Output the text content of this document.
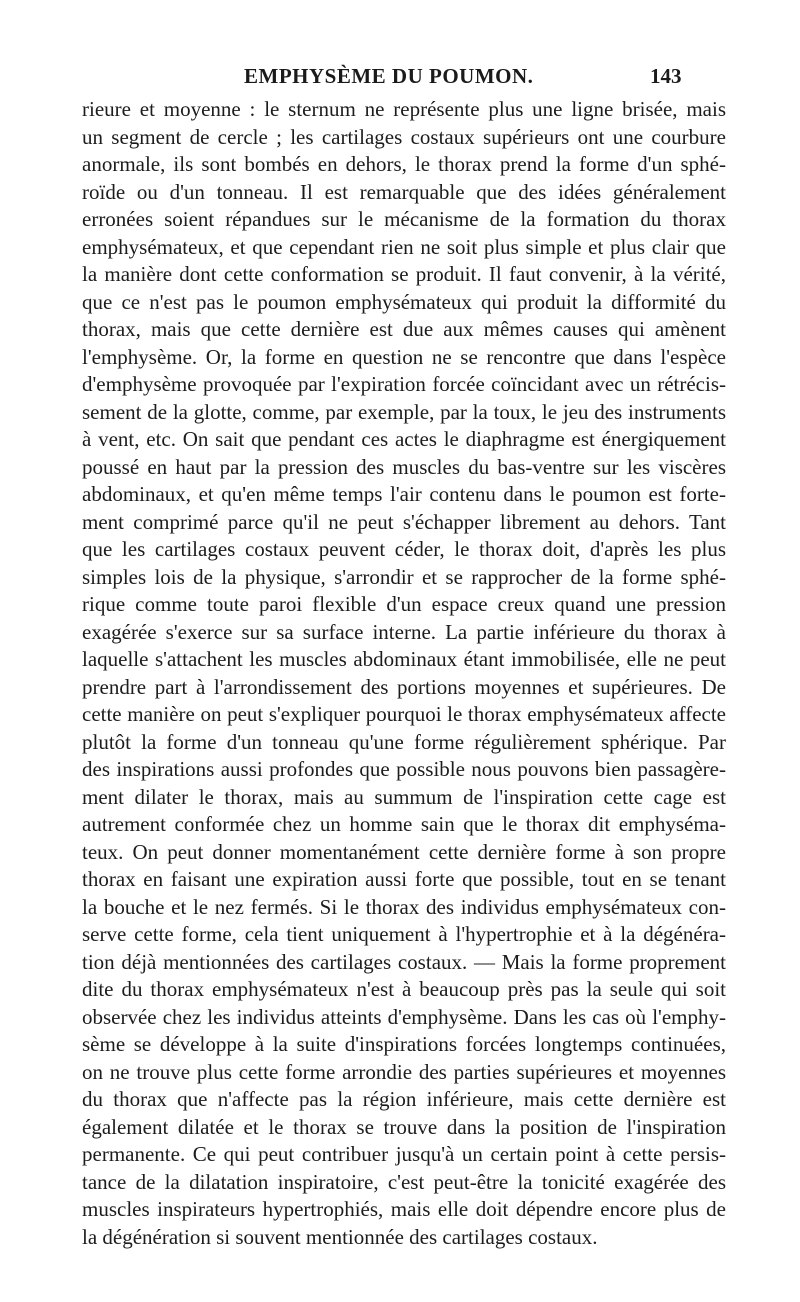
EMPHYSÈME DU POUMON.	143
rieure et moyenne : le sternum ne représente plus une ligne brisée, mais
un segment de cercle ; les cartilages costaux supérieurs ont une courbure
anormale, ils sont bombés en dehors, le thorax prend la forme d'un sphé-
roïde ou d'un tonneau. Il est remarquable que des idées généralement
erronées soient répandues sur le mécanisme de la formation du thorax
emphysémateux, et que cependant rien ne soit plus simple et plus clair que
la manière dont cette conformation se produit. Il faut convenir, à la vérité,
que ce n'est pas le poumon emphysémateux qui produit la difformité du
thorax, mais que cette dernière est due aux mêmes causes qui amènent
l'emphysème. Or, la forme en question ne se rencontre que dans l'espèce
d'emphysème provoquée par l'expiration forcée coïncidant avec un rétrécis-
sement de la glotte, comme, par exemple, par la toux, le jeu des instruments
à vent, etc. On sait que pendant ces actes le diaphragme est énergiquement
poussé en haut par la pression des muscles du bas-ventre sur les viscères
abdominaux, et qu'en même temps l'air contenu dans le poumon est forte-
ment comprimé parce qu'il ne peut s'échapper librement au dehors. Tant
que les cartilages costaux peuvent céder, le thorax doit, d'après les plus
simples lois de la physique, s'arrondir et se rapprocher de la forme sphé-
rique comme toute paroi flexible d'un espace creux quand une pression
exagérée s'exerce sur sa surface interne. La partie inférieure du thorax à
laquelle s'attachent les muscles abdominaux étant immobilisée, elle ne peut
prendre part à l'arrondissement des portions moyennes et supérieures. De
cette manière on peut s'expliquer pourquoi le thorax emphysémateux affecte
plutôt la forme d'un tonneau qu'une forme régulièrement sphérique. Par
des inspirations aussi profondes que possible nous pouvons bien passagère-
ment dilater le thorax, mais au summum de l'inspiration cette cage est
autrement conformée chez un homme sain que le thorax dit emphyséma-
teux. On peut donner momentanément cette dernière forme à son propre
thorax en faisant une expiration aussi forte que possible, tout en se tenant
la bouche et le nez fermés. Si le thorax des individus emphysémateux con-
serve cette forme, cela tient uniquement à l'hypertrophie et à la dégénéra-
tion déjà mentionnées des cartilages costaux. — Mais la forme proprement
dite du thorax emphysémateux n'est à beaucoup près pas la seule qui soit
observée chez les individus atteints d'emphysème. Dans les cas où l'emphy-
sème se développe à la suite d'inspirations forcées longtemps continuées,
on ne trouve plus cette forme arrondie des parties supérieures et moyennes
du thorax que n'affecte pas la région inférieure, mais cette dernière est
également dilatée et le thorax se trouve dans la position de l'inspiration
permanente. Ce qui peut contribuer jusqu'à un certain point à cette persis-
tance de la dilatation inspiratoire, c'est peut-être la tonicité exagérée des
muscles inspirateurs hypertrophiés, mais elle doit dépendre encore plus de
la dégénération si souvent mentionnée des cartilages costaux.
